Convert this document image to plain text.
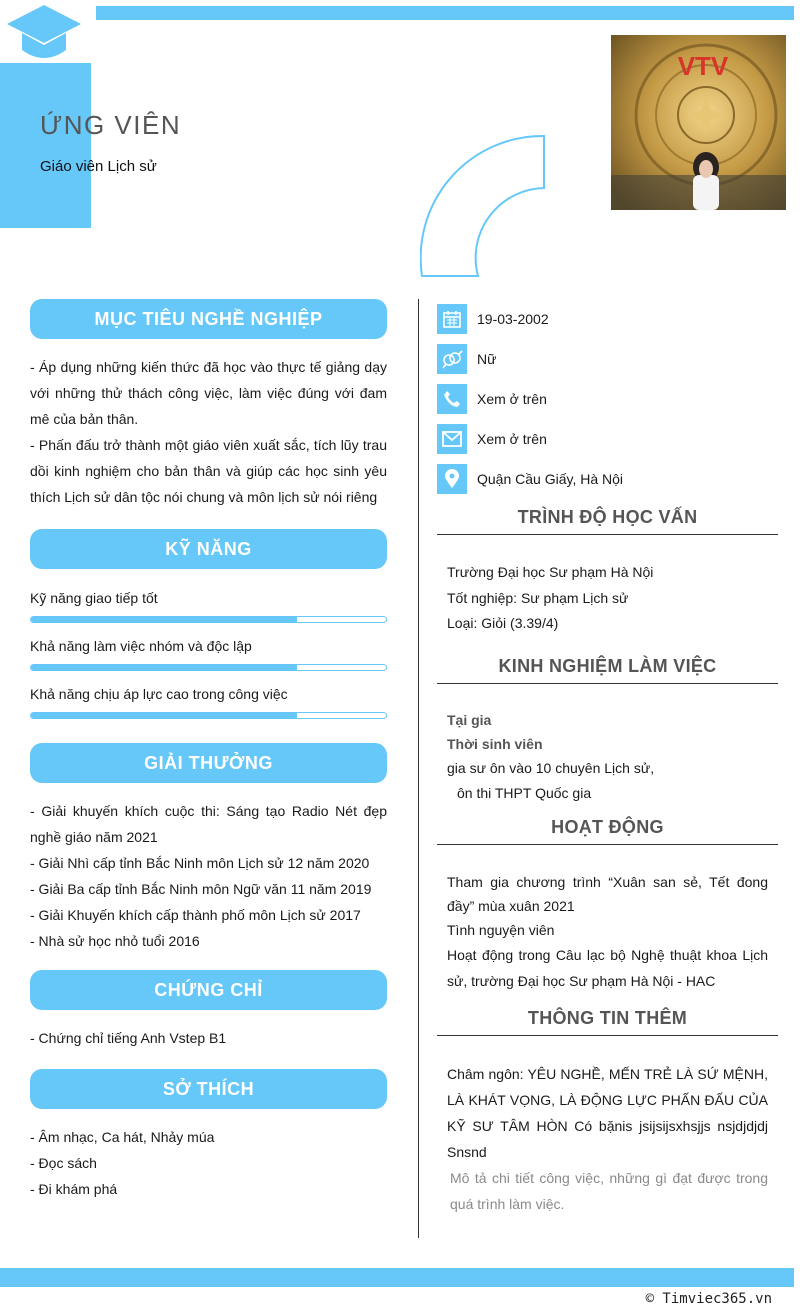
ỨNG VIÊN
Giáo viên Lịch sử
VTV
MỤC TIÊU NGHỀ NGHIỆP

- Áp dụng những kiến thức đã học vào thực tế giảng dạy với những thử thách công việc, làm việc đúng với đam mê của bản thân.

- Phấn đấu trở thành một giáo viên xuất sắc, tích lũy trau dồi kinh nghiệm cho bản thân và giúp các học sinh yêu thích Lịch sử dân tộc nói chung và môn lịch sử nói riêng

KỸ NĂNG
Kỹ năng giao tiếp tốt
Khả năng làm việc nhóm và độc lập
Khả năng chịu áp lực cao trong công việc
GIẢI THƯỞNG

- Giải khuyến khích cuộc thi: Sáng tạo Radio Nét đẹp nghề giáo năm 2021

- Giải Nhì cấp tỉnh Bắc Ninh môn Lịch sử 12 năm 2020

- Giải Ba cấp tỉnh Bắc Ninh môn Ngữ văn 11 năm 2019

- Giải Khuyến khích cấp thành phố môn Lịch sử 2017

- Nhà sử học nhỏ tuổi 2016

CHỨNG CHỈ

- Chứng chỉ tiếng Anh Vstep B1

SỞ THÍCH

- Âm nhạc, Ca hát, Nhảy múa

- Đọc sách

- Đi khám phá

19-03-2002
Nữ
Xem ở trên
Xem ở trên
Quận Cầu Giấy, Hà Nội
TRÌNH ĐỘ HỌC VẤN
Trường Đại học Sư phạm Hà Nội
Tốt nghiệp: Sư phạm Lịch sử
Loại: Giỏi (3.39/4)
KINH NGHIỆM LÀM VIỆC
Tại gia
Thời sinh viên
gia sư ôn vào 10 chuyên Lịch sử,
ôn thi THPT Quốc gia
HOẠT ĐỘNG
Tham gia chương trình “Xuân san sẻ, Tết đong đầy” mùa xuân 2021
Tình nguyện viên
Hoạt động trong Câu lạc bộ Nghệ thuật khoa Lịch sử, trường Đại học Sư phạm Hà Nội - HAC
THÔNG TIN THÊM
Châm ngôn: YÊU NGHỀ, MẾN TRẺ LÀ SỨ MỆNH, LÀ KHÁT VỌNG, LÀ ĐỘNG LỰC PHẤN ĐẤU CỦA KỸ SƯ TÂM HÒN Có bặnis jsijsijsxhsjjs nsjdjdjdj Snsnd
Mô tả chi tiết công việc, những gì đạt được trong quá trình làm việc.
© Timviec365.vn
